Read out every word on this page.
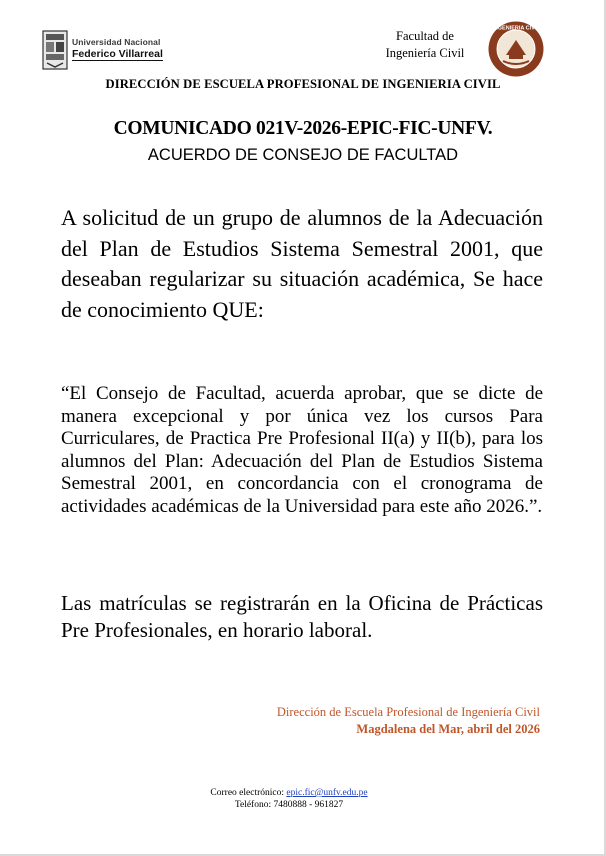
Universidad Nacional
Federico Villarreal
Facultad de
Ingeniería Civil
INGENIERIA CIVIL
DIRECCIÓN DE ESCUELA PROFESIONAL DE INGENIERIA CIVIL
COMUNICADO 021V-2026-EPIC-FIC-UNFV.
ACUERDO DE CONSEJO DE FACULTAD
A solicitud de un grupo de alumnos de la Adecuación del Plan de Estudios Sistema Semestral 2001, que deseaban regularizar su situación académica, Se hace de conocimiento QUE:
“El Consejo de Facultad, acuerda aprobar, que se dicte de manera excepcional y por única vez los cursos Para Curriculares, de Practica Pre Profesional II(a) y II(b), para los alumnos del Plan: Adecuación del Plan de Estudios Sistema Semestral 2001, en concordancia con el cronograma de actividades académicas de la Universidad para este año 2026.”.
Las matrículas se registrarán en la Oficina de Prácticas Pre Profesionales, en horario laboral.
Dirección de Escuela Profesional de Ingeniería Civil
Magdalena del Mar, abril del 2026
Correo electrónico: epic.fic@unfv.edu.pe
Teléfono: 7480888 - 961827
